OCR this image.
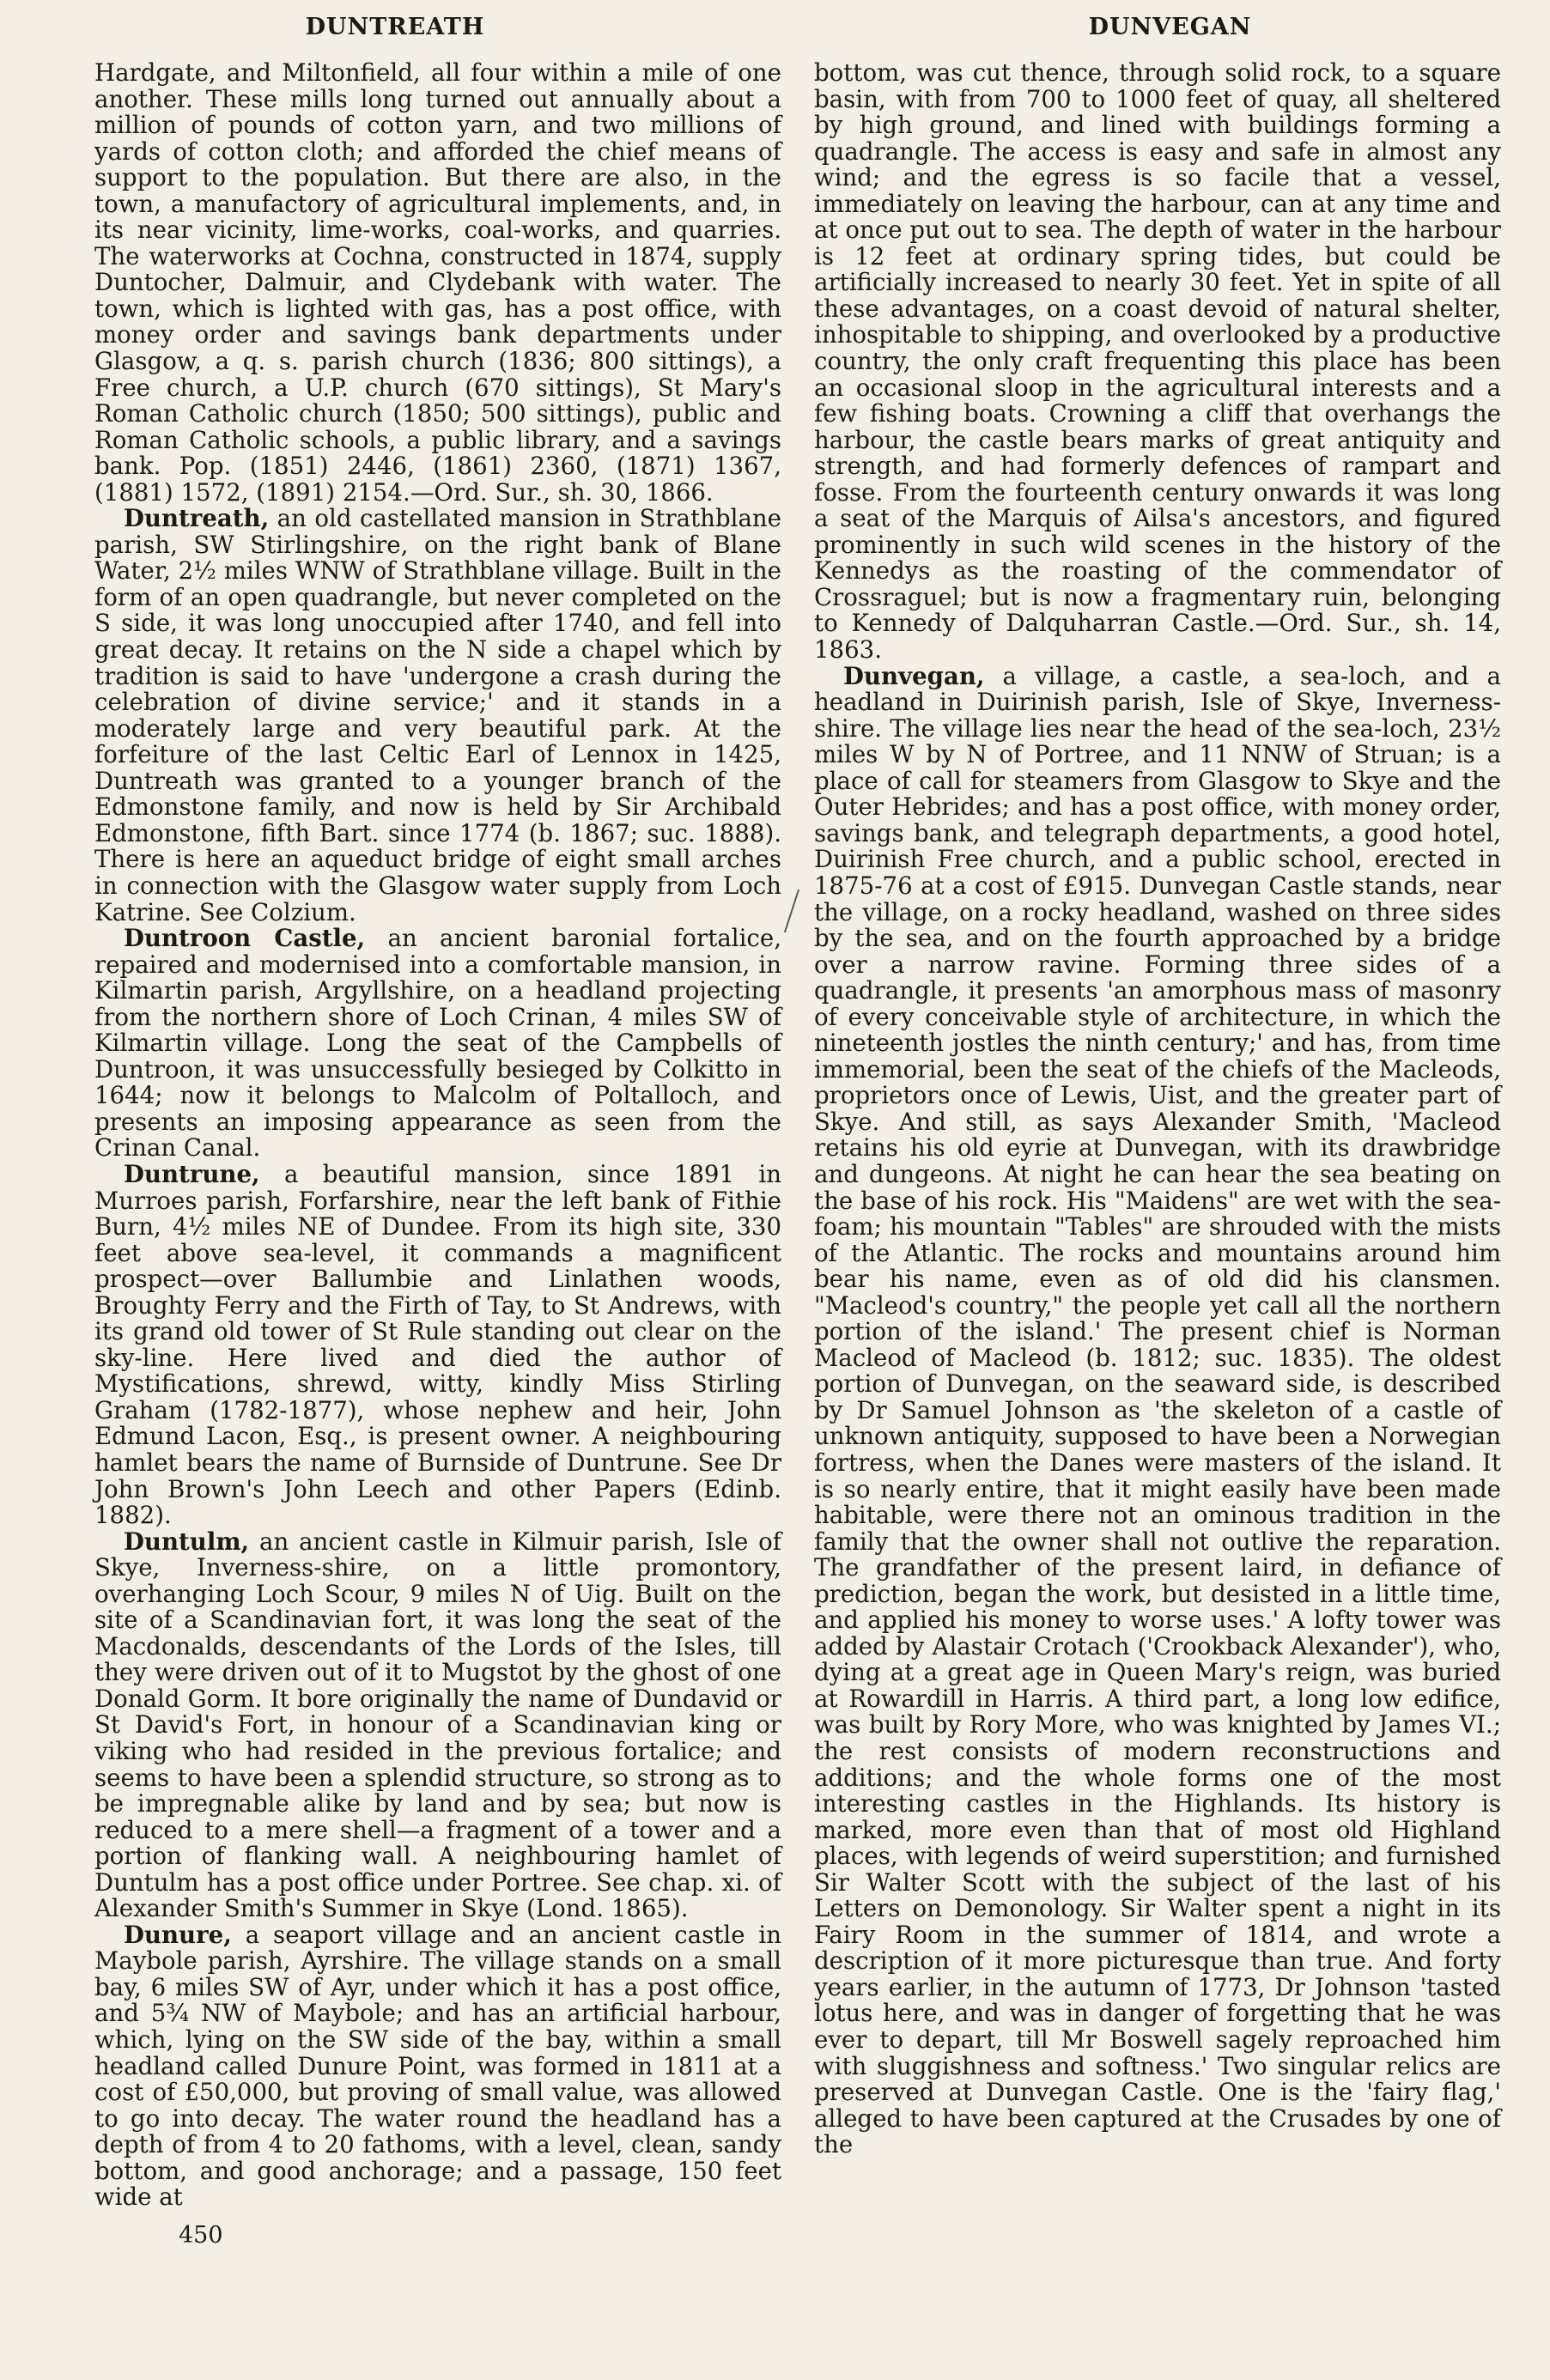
DUNTREATH	DUNVEGAN

Hardgate, and Miltonfield, all four within a mile of one another. These mills long turned out annually about a million of pounds of cotton yarn, and two millions of yards of cotton cloth; and afforded the chief means of support to the population. But there are also, in the town, a manufactory of agricultural implements, and, in its near vicinity, lime-works, coal-works, and quarries. The waterworks at Cochna, constructed in 1874, supply Duntocher, Dalmuir, and Clydebank with water. The town, which is lighted with gas, has a post office, with money order and savings bank departments under Glasgow, a q. s. parish church (1836; 800 sittings), a Free church, a U.P. church (670 sittings), St Mary's Roman Catholic church (1850; 500 sittings), public and Roman Catholic schools, a public library, and a savings bank. Pop. (1851) 2446, (1861) 2360, (1871) 1367, (1881) 1572, (1891) 2154.—Ord. Sur., sh. 30, 1866.

Duntreath, an old castellated mansion in Strathblane parish, SW Stirlingshire, on the right bank of Blane Water, 2½ miles WNW of Strathblane village. Built in the form of an open quadrangle, but never completed on the S side, it was long unoccupied after 1740, and fell into great decay. It retains on the N side a chapel which by tradition is said to have 'undergone a crash during the celebration of divine service;' and it stands in a moderately large and very beautiful park. At the forfeiture of the last Celtic Earl of Lennox in 1425, Duntreath was granted to a younger branch of the Edmonstone family, and now is held by Sir Archibald Edmonstone, fifth Bart. since 1774 (b. 1867; suc. 1888). There is here an aqueduct bridge of eight small arches in connection with the Glasgow water supply from Loch Katrine. See Colzium.

Duntroon Castle, an ancient baronial fortalice, repaired and modernised into a comfortable mansion, in Kilmartin parish, Argyllshire, on a headland projecting from the northern shore of Loch Crinan, 4 miles SW of Kilmartin village. Long the seat of the Campbells of Duntroon, it was unsuccessfully besieged by Colkitto in 1644; now it belongs to Malcolm of Poltalloch, and presents an imposing appearance as seen from the Crinan Canal.

Duntrune, a beautiful mansion, since 1891 in Murroes parish, Forfarshire, near the left bank of Fithie Burn, 4½ miles NE of Dundee. From its high site, 330 feet above sea-level, it commands a magnificent prospect—over Ballumbie and Linlathen woods, Broughty Ferry and the Firth of Tay, to St Andrews, with its grand old tower of St Rule standing out clear on the sky-line. Here lived and died the author of Mystifications, shrewd, witty, kindly Miss Stirling Graham (1782-1877), whose nephew and heir, John Edmund Lacon, Esq., is present owner. A neighbouring hamlet bears the name of Burnside of Duntrune. See Dr John Brown's John Leech and other Papers (Edinb. 1882).

Duntulm, an ancient castle in Kilmuir parish, Isle of Skye, Inverness-shire, on a little promontory, overhanging Loch Scour, 9 miles N of Uig. Built on the site of a Scandinavian fort, it was long the seat of the Macdonalds, descendants of the Lords of the Isles, till they were driven out of it to Mugstot by the ghost of one Donald Gorm. It bore originally the name of Dundavid or St David's Fort, in honour of a Scandinavian king or viking who had resided in the previous fortalice; and seems to have been a splendid structure, so strong as to be impregnable alike by land and by sea; but now is reduced to a mere shell—a fragment of a tower and a portion of flanking wall. A neighbouring hamlet of Duntulm has a post office under Portree. See chap. xi. of Alexander Smith's Summer in Skye (Lond. 1865).

Dunure, a seaport village and an ancient castle in Maybole parish, Ayrshire. The village stands on a small bay, 6 miles SW of Ayr, under which it has a post office, and 5¾ NW of Maybole; and has an artificial harbour, which, lying on the SW side of the bay, within a small headland called Dunure Point, was formed in 1811 at a cost of £50,000, but proving of small value, was allowed to go into decay. The water round the headland has a depth of from 4 to 20 fathoms, with a level, clean, sandy bottom, and good anchorage; and a passage, 150 feet wide at

bottom, was cut thence, through solid rock, to a square basin, with from 700 to 1000 feet of quay, all sheltered by high ground, and lined with buildings forming a quadrangle. The access is easy and safe in almost any wind; and the egress is so facile that a vessel, immediately on leaving the harbour, can at any time and at once put out to sea. The depth of water in the harbour is 12 feet at ordinary spring tides, but could be artificially increased to nearly 30 feet. Yet in spite of all these advantages, on a coast devoid of natural shelter, inhospitable to shipping, and overlooked by a productive country, the only craft frequenting this place has been an occasional sloop in the agricultural interests and a few fishing boats. Crowning a cliff that overhangs the harbour, the castle bears marks of great antiquity and strength, and had formerly defences of rampart and fosse. From the fourteenth century onwards it was long a seat of the Marquis of Ailsa's ancestors, and figured prominently in such wild scenes in the history of the Kennedys as the roasting of the commendator of Crossraguel; but is now a fragmentary ruin, belonging to Kennedy of Dalquharran Castle.—Ord. Sur., sh. 14, 1863.

Dunvegan, a village, a castle, a sea-loch, and a headland in Duirinish parish, Isle of Skye, Inverness-shire. The village lies near the head of the sea-loch, 23½ miles W by N of Portree, and 11 NNW of Struan; is a place of call for steamers from Glasgow to Skye and the Outer Hebrides; and has a post office, with money order, savings bank, and telegraph departments, a good hotel, Duirinish Free church, and a public school, erected in 1875-76 at a cost of £915. Dunvegan Castle stands, near the village, on a rocky headland, washed on three sides by the sea, and on the fourth approached by a bridge over a narrow ravine. Forming three sides of a quadrangle, it presents 'an amorphous mass of masonry of every conceivable style of architecture, in which the nineteenth jostles the ninth century;' and has, from time immemorial, been the seat of the chiefs of the Macleods, proprietors once of Lewis, Uist, and the greater part of Skye. And still, as says Alexander Smith, 'Macleod retains his old eyrie at Dunvegan, with its drawbridge and dungeons. At night he can hear the sea beating on the base of his rock. His "Maidens" are wet with the sea-foam; his mountain "Tables" are shrouded with the mists of the Atlantic. The rocks and mountains around him bear his name, even as of old did his clansmen. "Macleod's country," the people yet call all the northern portion of the island.' The present chief is Norman Macleod of Macleod (b. 1812; suc. 1835). The oldest portion of Dunvegan, on the seaward side, is described by Dr Samuel Johnson as 'the skeleton of a castle of unknown antiquity, supposed to have been a Norwegian fortress, when the Danes were masters of the island. It is so nearly entire, that it might easily have been made habitable, were there not an ominous tradition in the family that the owner shall not outlive the reparation. The grandfather of the present laird, in defiance of prediction, began the work, but desisted in a little time, and applied his money to worse uses.' A lofty tower was added by Alastair Crotach ('Crookback Alexander'), who, dying at a great age in Queen Mary's reign, was buried at Rowardill in Harris. A third part, a long low edifice, was built by Rory More, who was knighted by James VI.; the rest consists of modern reconstructions and additions; and the whole forms one of the most interesting castles in the Highlands. Its history is marked, more even than that of most old Highland places, with legends of weird superstition; and furnished Sir Walter Scott with the subject of the last of his Letters on Demonology. Sir Walter spent a night in its Fairy Room in the summer of 1814, and wrote a description of it more picturesque than true. And forty years earlier, in the autumn of 1773, Dr Johnson 'tasted lotus here, and was in danger of forgetting that he was ever to depart, till Mr Boswell sagely reproached him with sluggishness and softness.' Two singular relics are preserved at Dunvegan Castle. One is the 'fairy flag,' alleged to have been captured at the Crusades by one of the

450
